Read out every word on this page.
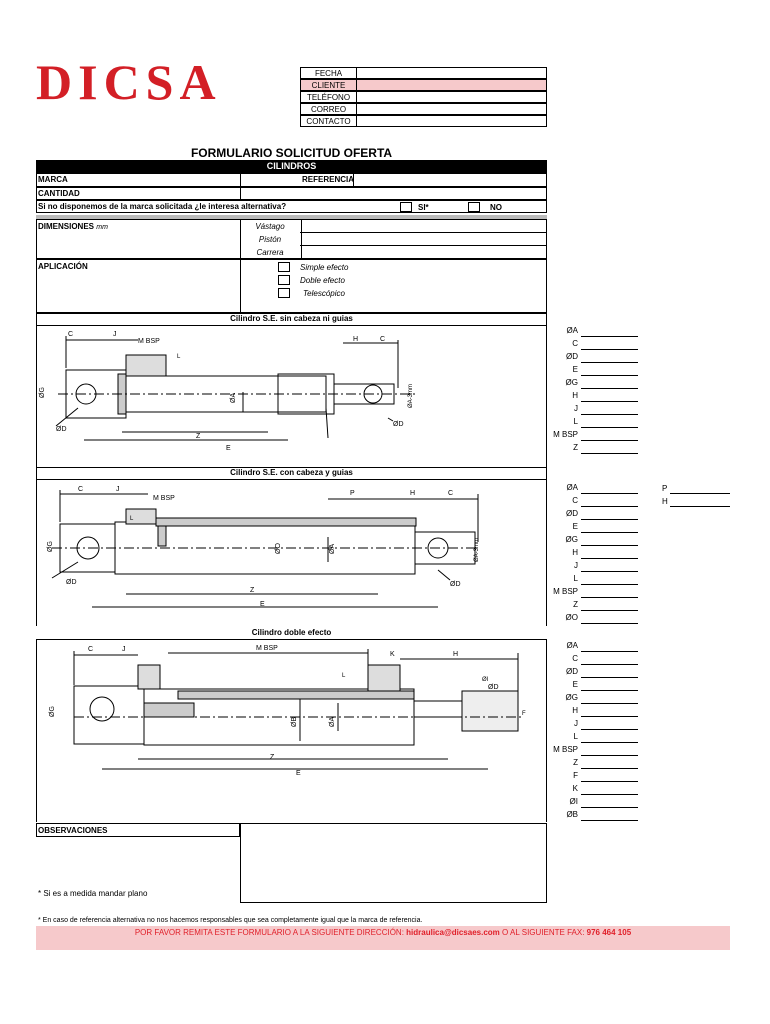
DICSA	FECHA
CLIENTE
TELÉFONO
CORREO
CONTACTO
FORMULARIO SOLICITUD OFERTA
CILINDROS
MARCA	REFERENCIA
CANTIDAD
Si no disponemos de la marca solicitada ¿le interesa alternativa?	SI*	NO
DIMENSIONES mm	Vástago
Pistón
Carrera
APLICACIÓN	Simple efecto
Doble efecto
Telescópico
Cilindro S.E. sin cabeza ni guias
C	J
M BSP	H	C
ØG	ØA	ØA-3mm
ØD
ØD
Z
E
L
ØA
C
ØD
E
ØG
H
J
L
M BSP
Z
Cilindro S.E. con cabeza y guias
C	J
M BSP
P	H	C
ØG	ØO	ØA	ØA-3mm
ØD	ØD
Z
E
L
ØA
C
ØD
E
ØG
H
J
L
M BSP
Z
ØO
P
H
Cilindro doble efecto
C	J	M BSP
K	H
ØG
ØB	ØA
ØD
Z
E
ØI
F
L
ØA
C
ØD
E
ØG
H
J
L
M BSP
Z
F
K
ØI
ØB
OBSERVACIONES
* Si es a medida mandar plano
* En caso de referencia alternativa no nos hacemos responsables que sea completamente igual que la marca de referencia.
POR FAVOR REMITA ESTE FORMULARIO A LA SIGUIENTE DIRECCIÓN: hidraulica@dicsaes.com O AL SIGUIENTE FAX: 976 464 105
